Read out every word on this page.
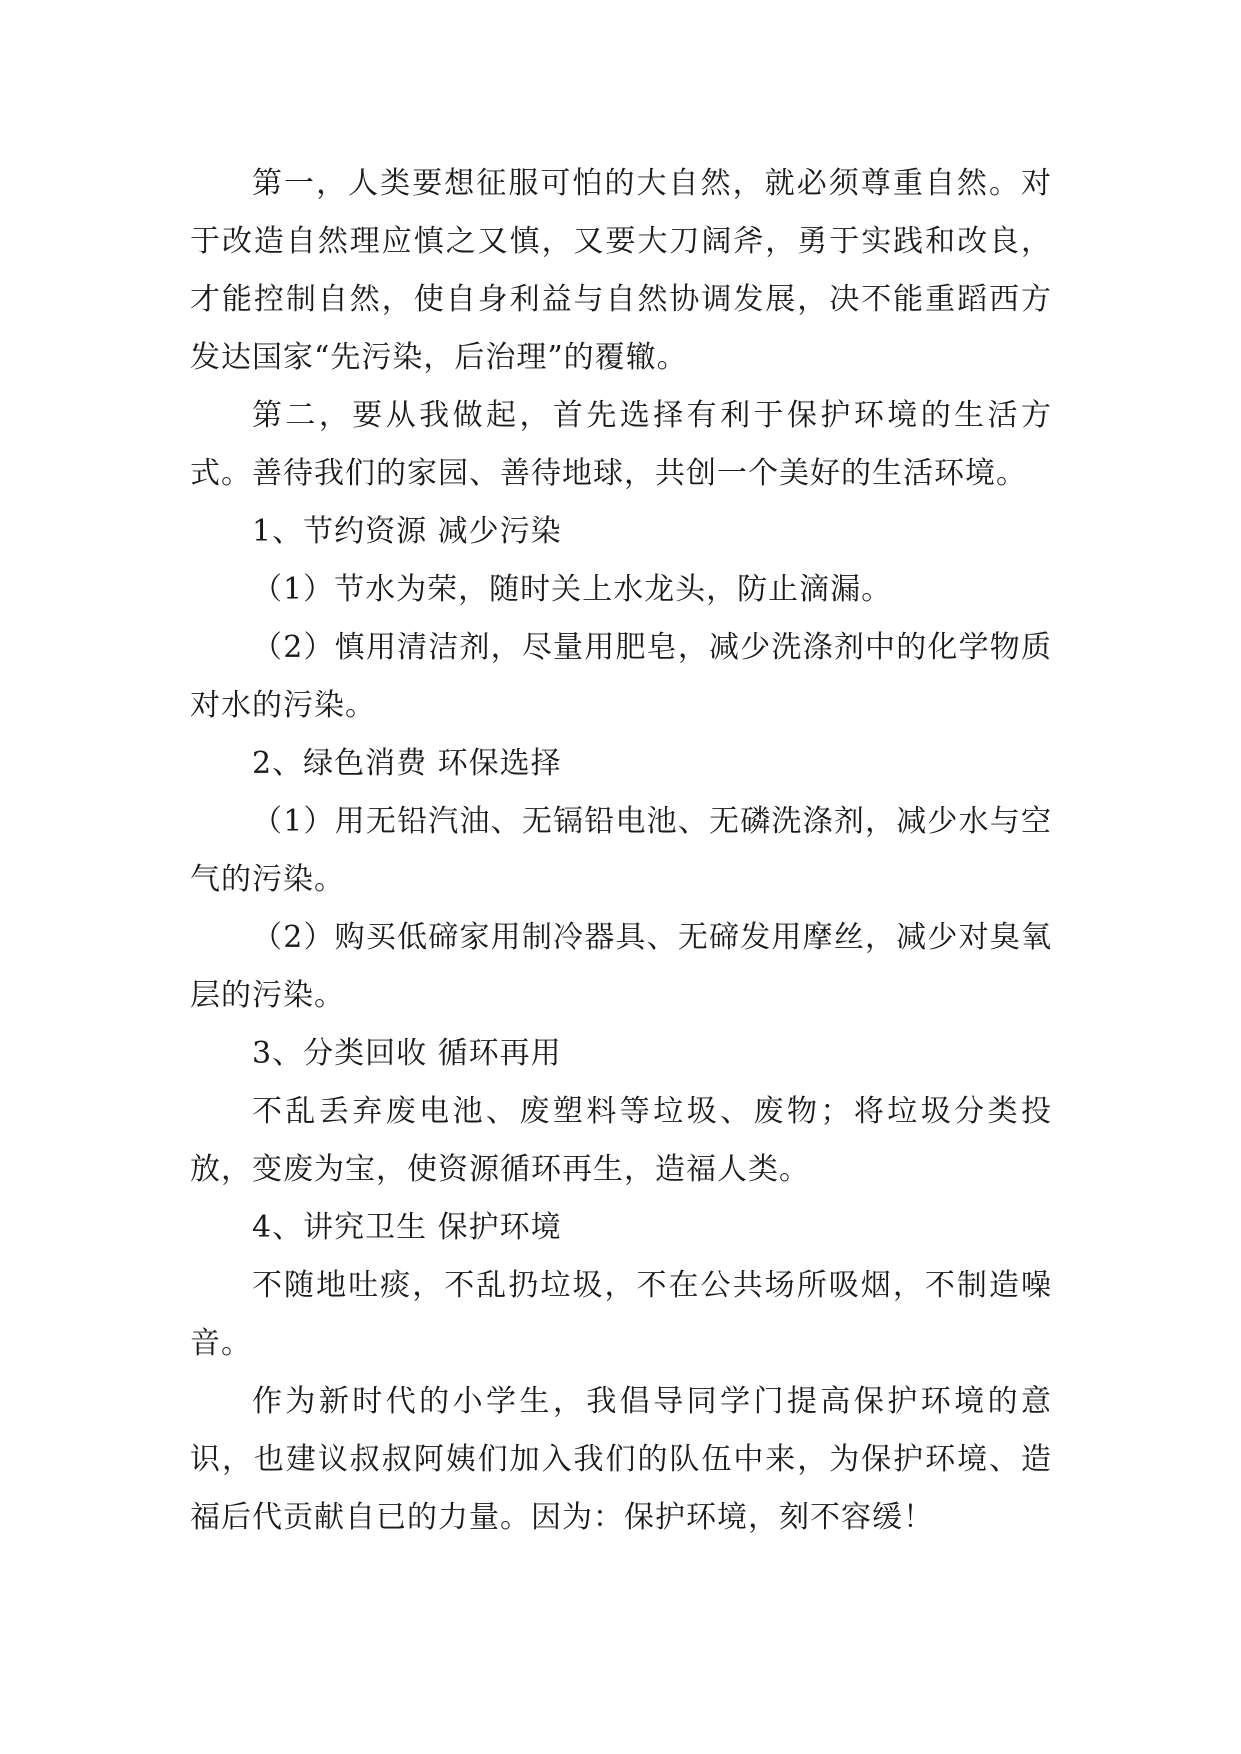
第一，人类要想征服可怕的大自然，就必须尊重自然。对于改造自然理应慎之又慎，又要大刀阔斧，勇于实践和改良，才能控制自然，使自身利益与自然协调发展，决不能重蹈西方发达国家“先污染，后治理”的覆辙。

第二，要从我做起，首先选择有利于保护环境的生活方式。善待我们的家园、善待地球，共创一个美好的生活环境。

1、节约资源 减少污染

（1）节水为荣，随时关上水龙头，防止滴漏。

（2）慎用清洁剂，尽量用肥皂，减少洗涤剂中的化学物质对水的污染。

2、绿色消费 环保选择

（1）用无铅汽油、无镉铅电池、无磷洗涤剂，减少水与空气的污染。

（2）购买低碲家用制冷器具、无碲发用摩丝，减少对臭氧层的污染。

3、分类回收 循环再用

不乱丢弃废电池、废塑料等垃圾、废物；将垃圾分类投放，变废为宝，使资源循环再生，造福人类。

4、讲究卫生 保护环境

不随地吐痰，不乱扔垃圾，不在公共场所吸烟，不制造噪音。

作为新时代的小学生，我倡导同学门提高保护环境的意识，也建议叔叔阿姨们加入我们的队伍中来，为保护环境、造福后代贡献自已的力量。因为：保护环境，刻不容缓！
